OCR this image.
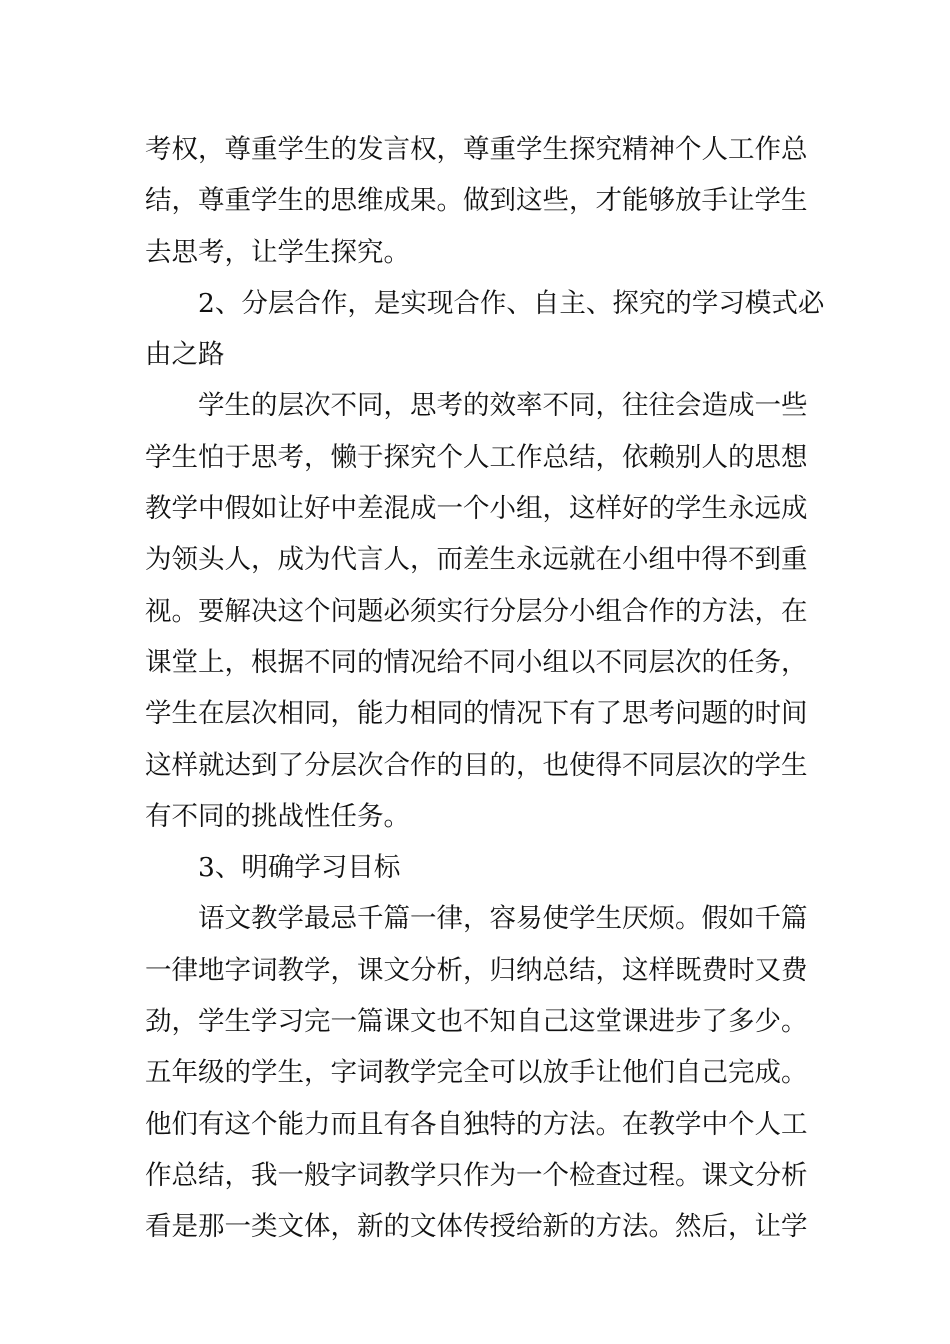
考权，尊重学生的发言权，尊重学生探究精神个人工作总
结，尊重学生的思维成果。做到这些，才能够放手让学生
去思考，让学生探究。
2、分层合作，是实现合作、自主、探究的学习模式必
由之路
学生的层次不同，思考的效率不同，往往会造成一些
学生怕于思考，懒于探究个人工作总结，依赖别人的思想
教学中假如让好中差混成一个小组，这样好的学生永远成
为领头人，成为代言人，而差生永远就在小组中得不到重
视。要解决这个问题必须实行分层分小组合作的方法，在
课堂上，根据不同的情况给不同小组以不同层次的任务，
学生在层次相同，能力相同的情况下有了思考问题的时间
这样就达到了分层次合作的目的，也使得不同层次的学生
有不同的挑战性任务。
3、明确学习目标
语文教学最忌千篇一律，容易使学生厌烦。假如千篇
一律地字词教学，课文分析，归纳总结，这样既费时又费
劲，学生学习完一篇课文也不知自己这堂课进步了多少。
五年级的学生，字词教学完全可以放手让他们自己完成。
他们有这个能力而且有各自独特的方法。在教学中个人工
作总结，我一般字词教学只作为一个检查过程。课文分析
看是那一类文体，新的文体传授给新的方法。然后，让学
